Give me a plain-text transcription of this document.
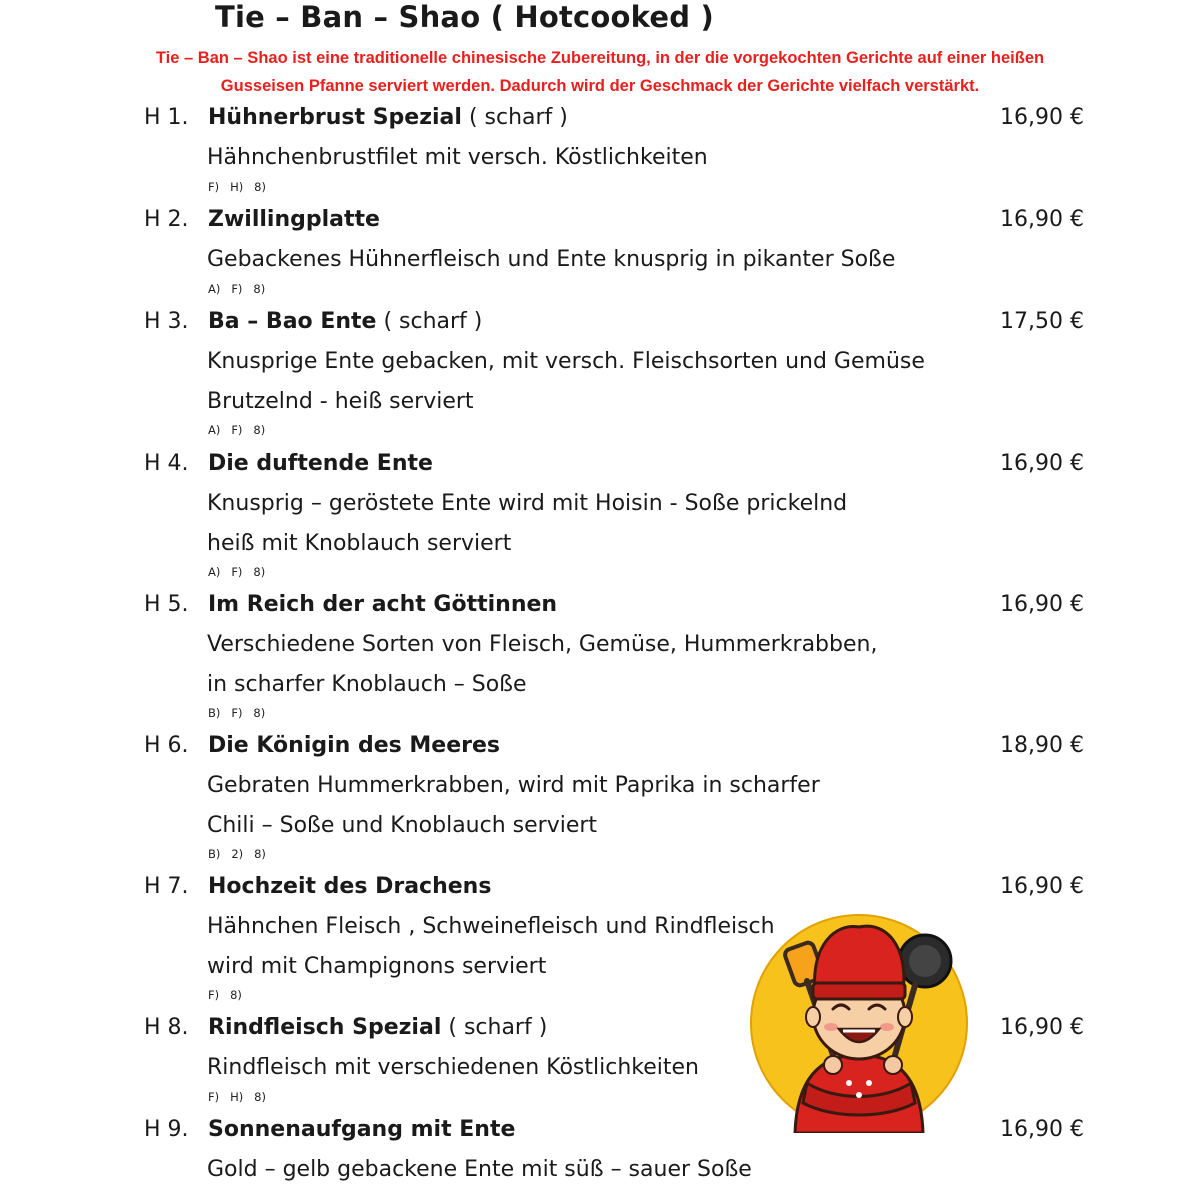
Tie – Ban – Shao ( Hotcooked )
Tie – Ban – Shao ist eine traditionelle chinesische Zubereitung, in der die vorgekochten Gerichte auf einer heißen
Gusseisen Pfanne serviert werden. Dadurch wird der Geschmack der Gerichte vielfach verstärkt.
H 1. Hühnerbrust Spezial ( scharf )	16,90 €
Hähnchenbrustfilet mit versch. Köstlichkeiten
F)   H)   8)
H 2. Zwillingplatte	16,90 €
Gebackenes Hühnerfleisch und Ente knusprig in pikanter Soße
A)   F)   8)
H 3. Ba – Bao Ente ( scharf )	17,50 €
Knusprige Ente gebacken, mit versch. Fleischsorten und Gemüse
Brutzelnd - heiß serviert
A)   F)   8)
H 4. Die duftende Ente	16,90 €
Knusprig – geröstete Ente wird mit Hoisin - Soße prickelnd
heiß mit Knoblauch serviert
A)   F)   8)
H 5. Im Reich der acht Göttinnen	16,90 €
Verschiedene Sorten von Fleisch, Gemüse, Hummerkrabben,
in scharfer Knoblauch – Soße
B)   F)   8)
H 6. Die Königin des Meeres	18,90 €
Gebraten Hummerkrabben, wird mit Paprika in scharfer
Chili – Soße und Knoblauch serviert
B)   2)   8)
H 7. Hochzeit des Drachens	16,90 €
Hähnchen Fleisch , Schweinefleisch und Rindfleisch
wird mit Champignons serviert
F)   8)
H 8. Rindfleisch Spezial ( scharf )	16,90 €
Rindfleisch mit verschiedenen Köstlichkeiten
F)   H)   8)
H 9. Sonnenaufgang mit Ente	16,90 €
Gold – gelb gebackene Ente mit süß – sauer Soße
